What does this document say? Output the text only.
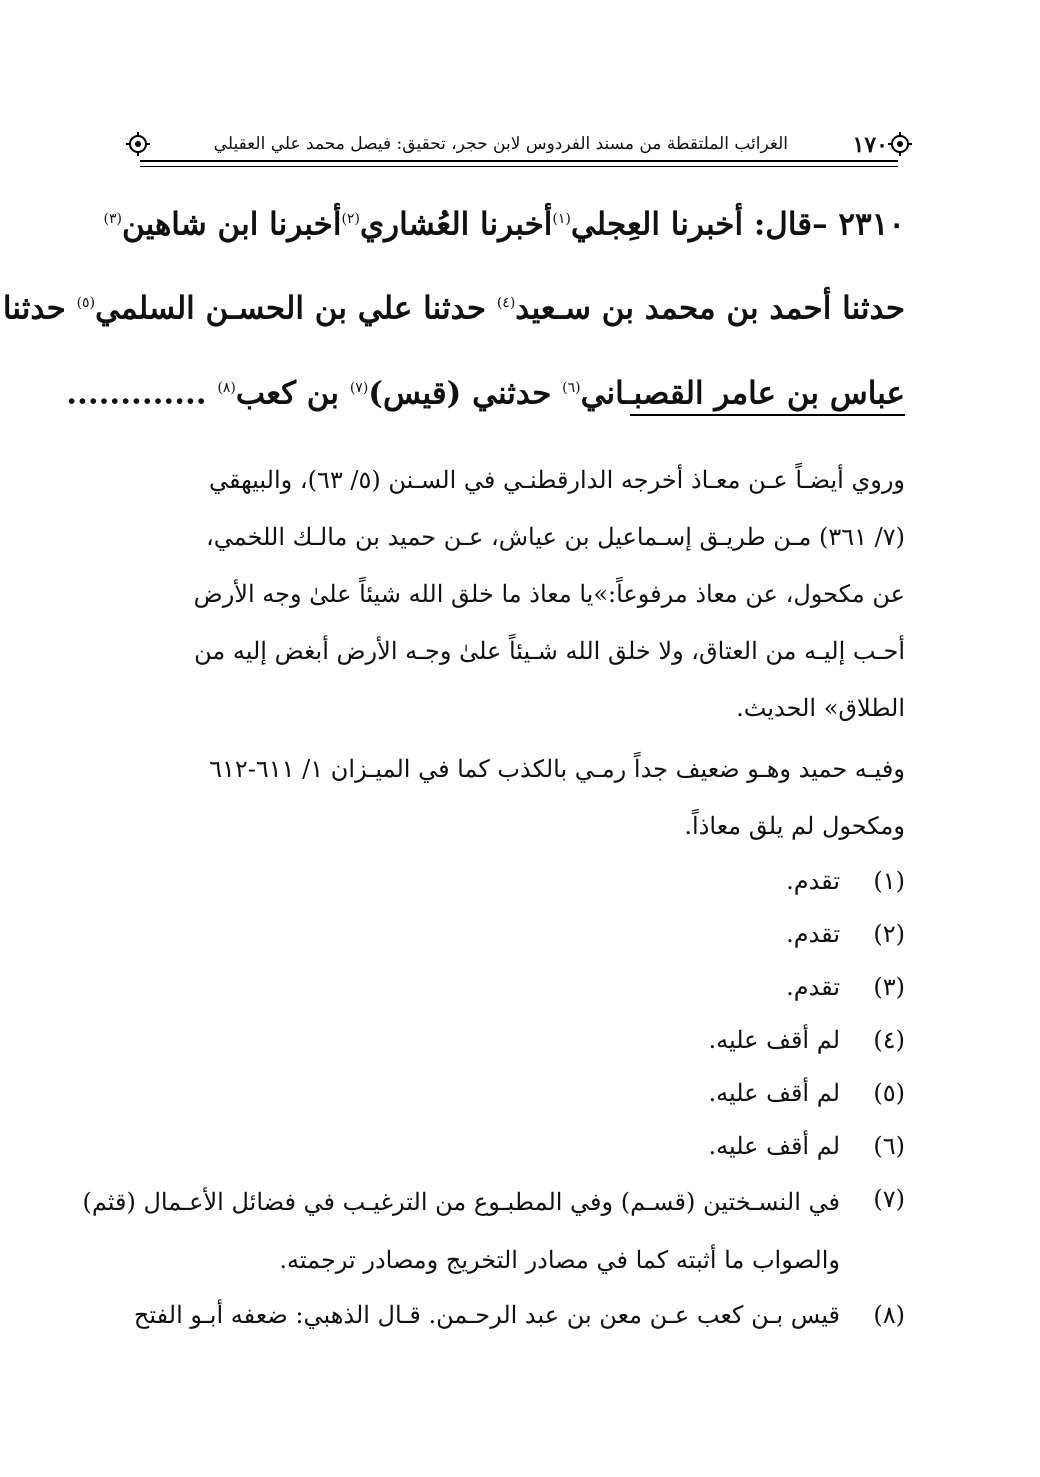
١٧٠
الغرائب الملتقطة من مسند الفردوس لابن حجر، تحقيق: فيصل محمد علي العقيلي

٢٣١٠ –قال: أخبرنا العِجلي$^{(١)}$أخبرنا العُشاري$^{(٢)}$أخبرنا ابن شاهين$^{(٣)}$

حدثنا أحمد بن محمد بن سـعيد$^{(٤)}$ حدثنا علي بن الحسـن السلمي$^{(٥)}$ حدثنا

عباس بن عامر القصبـاني$^{(٦)}$ حدثني (قيس)$^{(٧)}$ بن كعب$^{(٨)}$ .............

وروي أيضـاً عـن معـاذ أخرجه الدارقطنـي في السـنن (٥/ ٦٣)، والبيهقي

(٧/ ٣٦١) مـن طريـق إسـماعيل بن عياش، عـن حميد بن مالـك اللخمي،

عن مكحول، عن معاذ مرفوعاً:»يا معاذ ما خلق الله شيئاً علىٰ وجه الأرض

أحـب إليـه من العتاق، ولا خلق الله شـيئاً علىٰ وجـه الأرض أبغض إليه من

الطلاق» الحديث.

وفيـه حميد وهـو ضعيف جداً رمـي بالكذب كما في الميـزان ١/ ٦١١-٦١٢

ومكحول لم يلق معاذاً.

(١)
تقدم.
(٢)
تقدم.
(٣)
تقدم.
(٤)
لم أقف عليه.
(٥)
لم أقف عليه.
(٦)
لم أقف عليه.
(٧)
في النسـختين (قسـم) وفي المطبـوع من الترغيـب في فضائل الأعـمال (قثم)
والصواب ما أثبته كما في مصادر التخريج ومصادر ترجمته.
(٨)
قيس بـن كعب عـن معن بن عبد الرحـمن. قـال الذهبي: ضعفه أبـو الفتح
